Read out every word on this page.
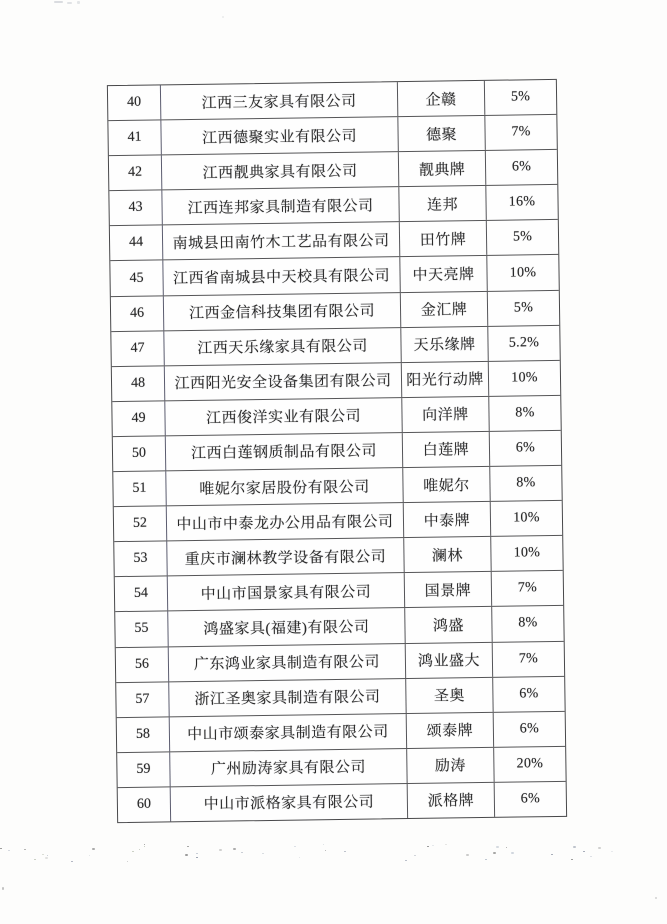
40	江西三友家具有限公司	企赣	5%
41	江西德聚实业有限公司	德聚	7%
42	江西靓典家具有限公司	靓典牌	6%
43	江西连邦家具制造有限公司	连邦	16%
44	南城县田南竹木工艺品有限公司	田竹牌	5%
45	江西省南城县中天校具有限公司	中天亮牌	10%
46	江西金信科技集团有限公司	金汇牌	5%
47	江西天乐缘家具有限公司	天乐缘牌	5.2%
48	江西阳光安全设备集团有限公司 阳光行动牌	10%
49	江西俊洋实业有限公司	向洋牌	8%
50	江西白莲钢质制品有限公司	白莲牌	6%
51	唯妮尔家居股份有限公司	唯妮尔	8%
52	中山市中泰龙办公用品有限公司	中泰牌	10%
53	重庆市澜林教学设备有限公司	澜林	10%
54	中山市国景家具有限公司	国景牌	7%
55	鸿盛家具(福建)有限公司	鸿盛	8%
56	广东鸿业家具制造有限公司	鸿业盛大	7%
57	浙江圣奥家具制造有限公司	圣奥	6%
58	中山市颂泰家具制造有限公司	颂泰牌	6%
59	广州励涛家具有限公司	励涛	20%
60	中山市派格家具有限公司	派格牌	6%
